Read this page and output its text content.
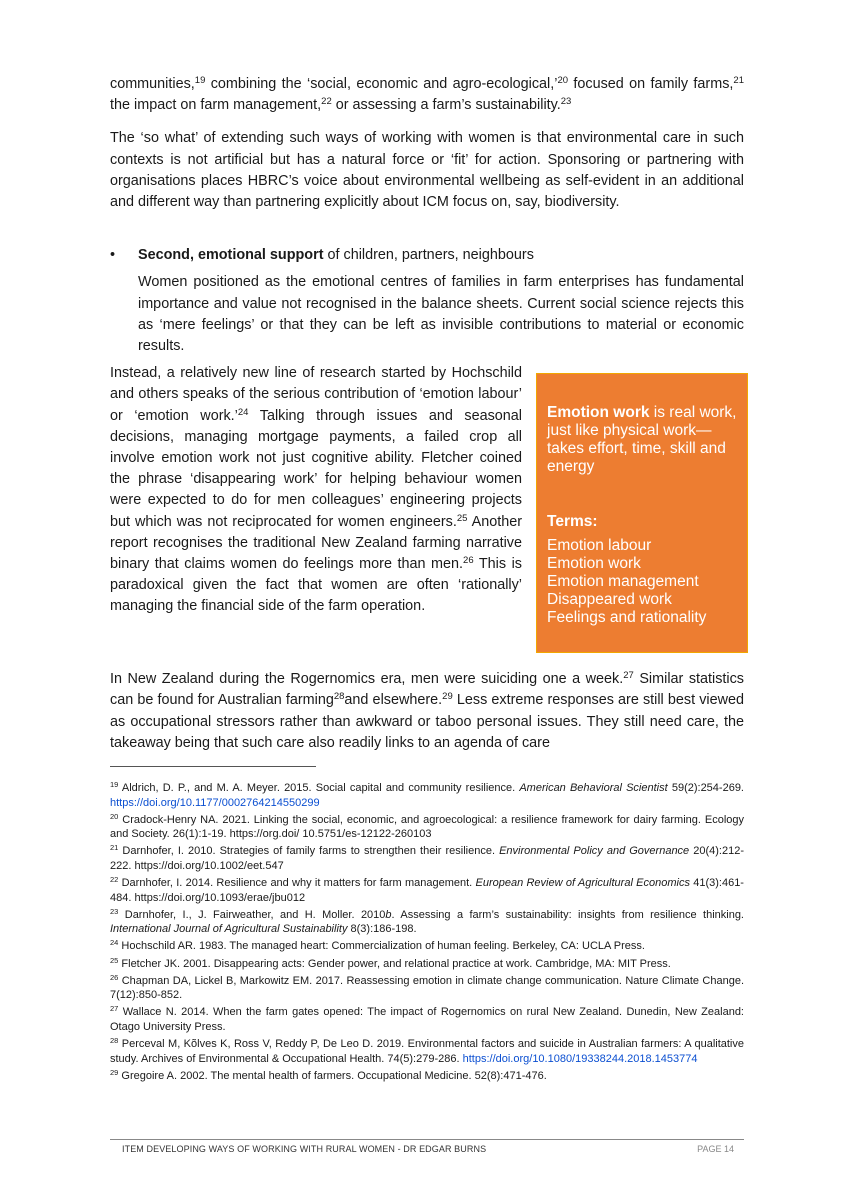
communities,$^{19}$ combining the ‘social, economic and agro-ecological,’$^{20}$ focused on family farms,$^{21}$ the impact on farm management,$^{22}$ or assessing a farm’s sustainability.$^{23}$

The ‘so what’ of extending such ways of working with women is that environmental care in such contexts is not artificial but has a natural force or ‘fit’ for action. Sponsoring or partnering with organisations places HBRC’s voice about environmental wellbeing as self-evident in an additional and different way than partnering explicitly about ICM focus on, say, biodiversity.

•	Second, emotional support of children, partners, neighbours

Women positioned as the emotional centres of families in farm enterprises has fundamental importance and value not recognised in the balance sheets. Current social science rejects this as ‘mere feelings’ or that they can be left as invisible contributions to material or economic results.

Instead, a relatively new line of research started by Hochschild and others speaks of the serious contribution of ‘emotion labour’ or ‘emotion work.’$^{24}$ Talking through issues and seasonal decisions, managing mortgage payments, a failed crop all involve emotion work not just cognitive ability. Fletcher coined the phrase ‘disappearing work’ for helping behaviour women were expected to do for men colleagues’ engineering projects but which was not reciprocated for women engineers.$^{25}$ Another report recognises the traditional New Zealand farming narrative binary that claims women do feelings more than men.$^{26}$ This is paradoxical given the fact that women are often ‘rationally’ managing the financial side of the farm operation.

Emotion work is real work, just like physical work—takes effort, time, skill and energy
Terms:
Emotion labour
Emotion work
Emotion management
Disappeared work
Feelings and rationality

In New Zealand during the Rogernomics era, men were suiciding one a week.$^{27}$ Similar statistics can be found for Australian farming$^{28}$and elsewhere.$^{29}$ Less extreme responses are still best viewed as occupational stressors rather than awkward or taboo personal issues. They still need care, the takeaway being that such care also readily links to an agenda of care

$^{19}$ Aldrich, D. P., and M. A. Meyer. 2015. Social capital and community resilience. American Behavioral Scientist 59(2):254-269. https://doi.org/10.1177/0002764214550299
$^{20}$ Cradock-Henry NA. 2021. Linking the social, economic, and agroecological: a resilience framework for dairy farming. Ecology and Society. 26(1):1-19. https://org.doi/ 10.5751/es-12122-260103
$^{21}$ Darnhofer, I. 2010. Strategies of family farms to strengthen their resilience. Environmental Policy and Governance 20(4):212-222. https://doi.org/10.1002/eet.547
$^{22}$ Darnhofer, I. 2014. Resilience and why it matters for farm management. European Review of Agricultural Economics 41(3):461-484. https://doi.org/10.1093/erae/jbu012
$^{23}$ Darnhofer, I., J. Fairweather, and H. Moller. 2010b. Assessing a farm’s sustainability: insights from resilience thinking. International Journal of Agricultural Sustainability 8(3):186-198.
$^{24}$ Hochschild AR. 1983. The managed heart: Commercialization of human feeling. Berkeley, CA: UCLA Press.
$^{25}$ Fletcher JK. 2001. Disappearing acts: Gender power, and relational practice at work. Cambridge, MA: MIT Press.
$^{26}$ Chapman DA, Lickel B, Markowitz EM. 2017. Reassessing emotion in climate change communication. Nature Climate Change. 7(12):850-852.
$^{27}$ Wallace N. 2014. When the farm gates opened: The impact of Rogernomics on rural New Zealand. Dunedin, New Zealand: Otago University Press.
$^{28}$ Perceval M, Kõlves K, Ross V, Reddy P, De Leo D. 2019. Environmental factors and suicide in Australian farmers: A qualitative study. Archives of Environmental & Occupational Health. 74(5):279-286. https://doi.org/10.1080/19338244.2018.1453774
$^{29}$ Gregoire A. 2002. The mental health of farmers. Occupational Medicine. 52(8):471-476.
ITEM DEVELOPING WAYS OF WORKING WITH RURAL WOMEN - DR EDGAR BURNS	PAGE 14
